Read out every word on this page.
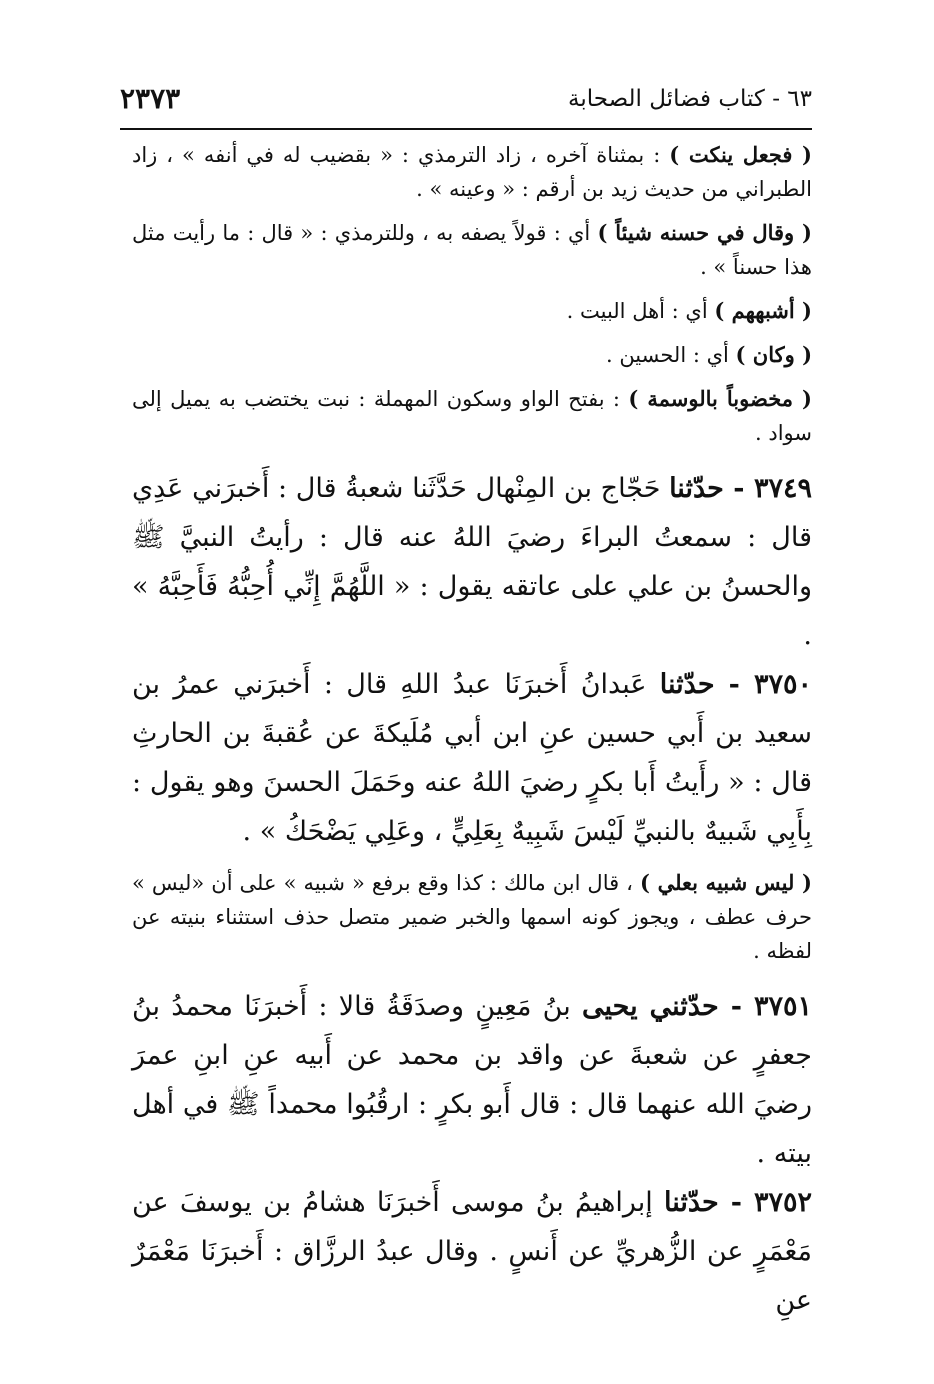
٢٣٧٣	٦٣ - كتاب فضائل الصحابة

( فجعل ينكت ) : بمثناة آخره ، زاد الترمذي : « بقضيب له في أنفه » ، زاد الطبراني من حديث زيد بن أرقم : « وعينه » .

( وقال في حسنه شيئاً ) أي : قولاً يصفه به ، وللترمذي : « قال : ما رأيت مثل هذا حسناً » .

( أشبههم ) أي : أهل البيت .

( وكان ) أي : الحسين .

( مخضوباً بالوسمة ) : بفتح الواو وسكون المهملة : نبت يختضب به يميل إلى سواد .

٣٧٤٩ - حدّثنا حَجّاج بن المِنْهال حَدَّثَنا شعبةُ قال : أَخبرَني عَدِي قال : سمعتُ البراءَ رضيَ اللهُ عنه قال : رأيتُ النبيَّ ﷺ والحسنُ بن علي على عاتقه يقول : « اللَّهُمَّ إِنِّي أُحِبُّهُ فَأَحِبَّهُ » .

٣٧٥٠ - حدّثنا عَبدانُ أَخبرَنَا عبدُ اللهِ قال : أَخبرَني عمرُ بن سعيد بن أَبي حسين عنِ ابن أبي مُلَيكةَ عن عُقبةَ بن الحارثِ قال : « رأَيتُ أَبا بكرٍ رضيَ اللهُ عنه وحَمَلَ الحسنَ وهو يقول : بِأَبِي شَبيهٌ بالنبيِّ لَيْسَ شَبِيهٌ بِعَلِيٍّ ، وعَلِي يَضْحَكُ » .

( ليس شبيه بعلي ) ، قال ابن مالك : كذا وقع برفع « شبيه » على أن «ليس » حرف عطف ، ويجوز كونه اسمها والخبر ضمير متصل حذف استثناء بنيته عن لفظه .

٣٧٥١ - حدّثني يحيى بنُ مَعِينٍ وصدَقَةُ قالا : أَخبرَنَا محمدُ بنُ جعفرٍ عن شعبةَ عن واقد بن محمد عن أَبيه عنِ ابنِ عمرَ رضيَ الله عنهما قال : قال أَبو بكرٍ : ارقُبُوا محمداً ﷺ في أهل بيته .

٣٧٥٢ - حدّثنا إبراهيمُ بنُ موسى أَخبرَنَا هشامُ بن يوسفَ عن مَعْمَرٍ عن الزُّهريِّ عن أَنسٍ . وقال عبدُ الرزَّاق : أَخبرَنَا مَعْمَرٌ عنِ
